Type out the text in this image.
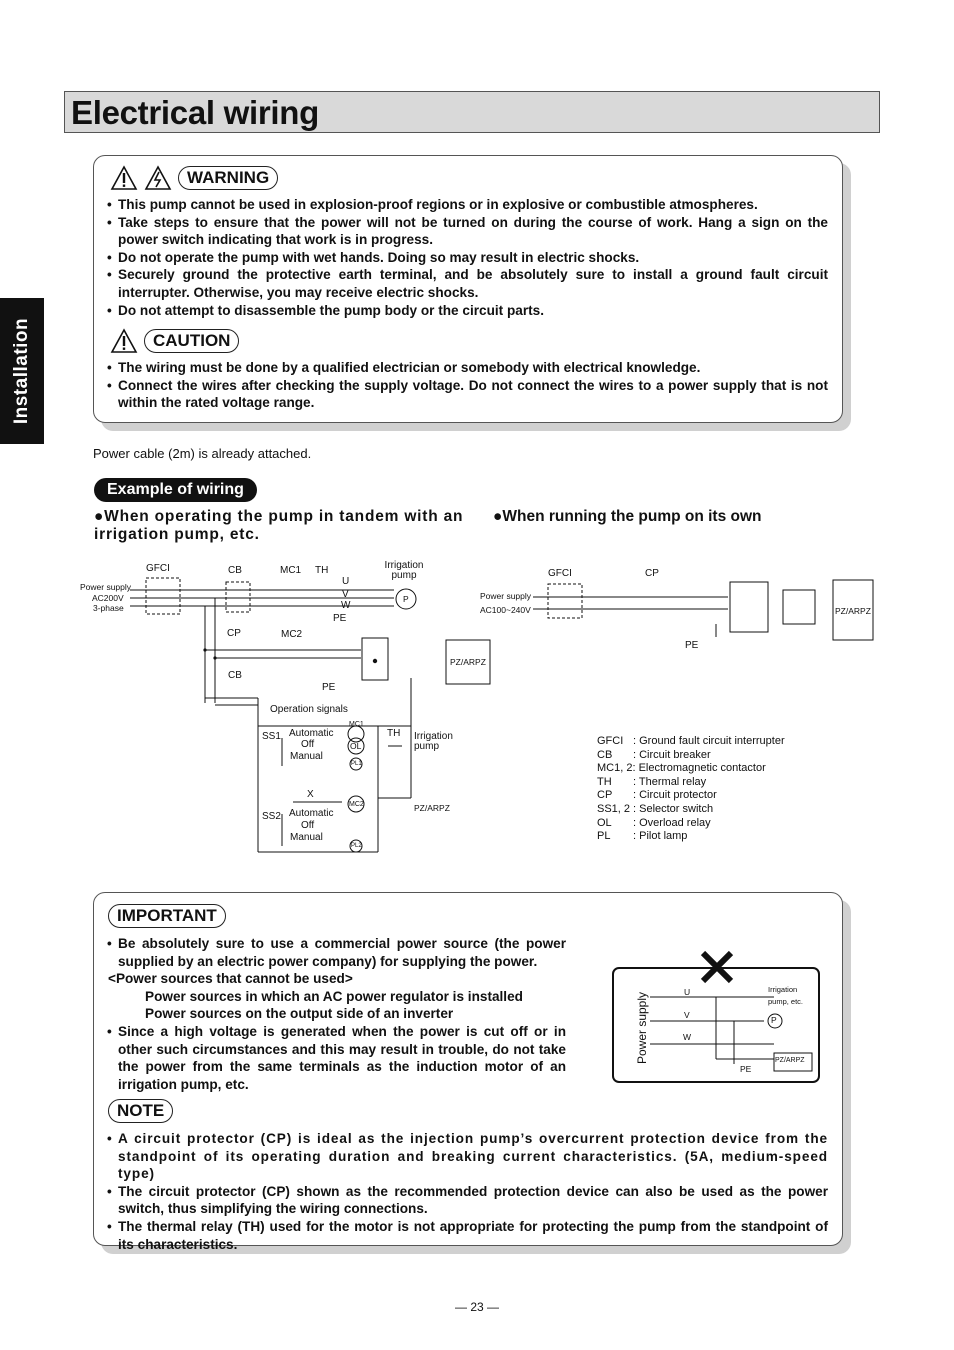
Electrical wiring
Installation
WARNING
• This pump cannot be used in explosion-proof regions or in explosive or combustible atmospheres.
• Take steps to ensure that the power will not be turned on during the course of work. Hang a sign on the power switch indicating that work is in progress.
• Do not operate the pump with wet hands. Doing so may result in electric shocks.
• Securely ground the protective earth terminal, and be absolutely sure to install a ground fault circuit interrupter. Otherwise, you may receive electric shocks.
• Do not attempt to disassemble the pump body or the circuit parts.
CAUTION
• The wiring must be done by a qualified electrician or somebody with electrical knowledge.
• Connect the wires after checking the supply voltage. Do not connect the wires to a power supply that is not within the rated voltage range.
Power cable (2m) is already attached.
Example of wiring
●When operating the pump in tandem with an irrigation pump, etc.
●When running the pump on its own
GFCI	CB	MC1 TH	Irrigation pump
Power supply
AC200V
3-phase
U
V
W
P
PE
CP	MC2
PZ/ARPZ
CB
PE
Operation signals
SS1 Automatic
Off
Manual
MC1
OL
PL1
TH Irrigation pump
X
SS2 Automatic
Off
Manual
MC2	PZ/ARPZ
PL2
GFCI	CP
Power supply
AC100~240V	PZ/ARPZ
PE
GFCI : Ground fault circuit interrupter
CB	: Circuit breaker
MC1, 2 : Electromagnetic contactor
TH	: Thermal relay
CP	: Circuit protector
SS1, 2 : Selector switch
OL	: Overload relay
PL	: Pilot lamp
IMPORTANT
• Be absolutely sure to use a commercial power source (the power supplied by an electric power company) for supplying the power.
<Power sources that cannot be used>
Power sources in which an AC power regulator is installed
Power sources on the output side of an inverter
• Since a high voltage is generated when the power is cut off or in other such circumstances and this may result in trouble, do not take the power from the same terminals as the induction motor of an irrigation pump, etc.
Power supply	U
V
W
Irrigation
pump, etc.
P
PZ/ARPZ
PE
NOTE
• A circuit protector (CP) is ideal as the injection pump’s overcurrent protection device from the standpoint of its operating duration and breaking current characteristics. (5A, medium-speed type)
• The circuit protector (CP) shown as the recommended protection device can also be used as the power switch, thus simplifying the wiring connections.
• The thermal relay (TH) used for the motor is not appropriate for protecting the pump from the standpoint of its characteristics.
— 23 —
